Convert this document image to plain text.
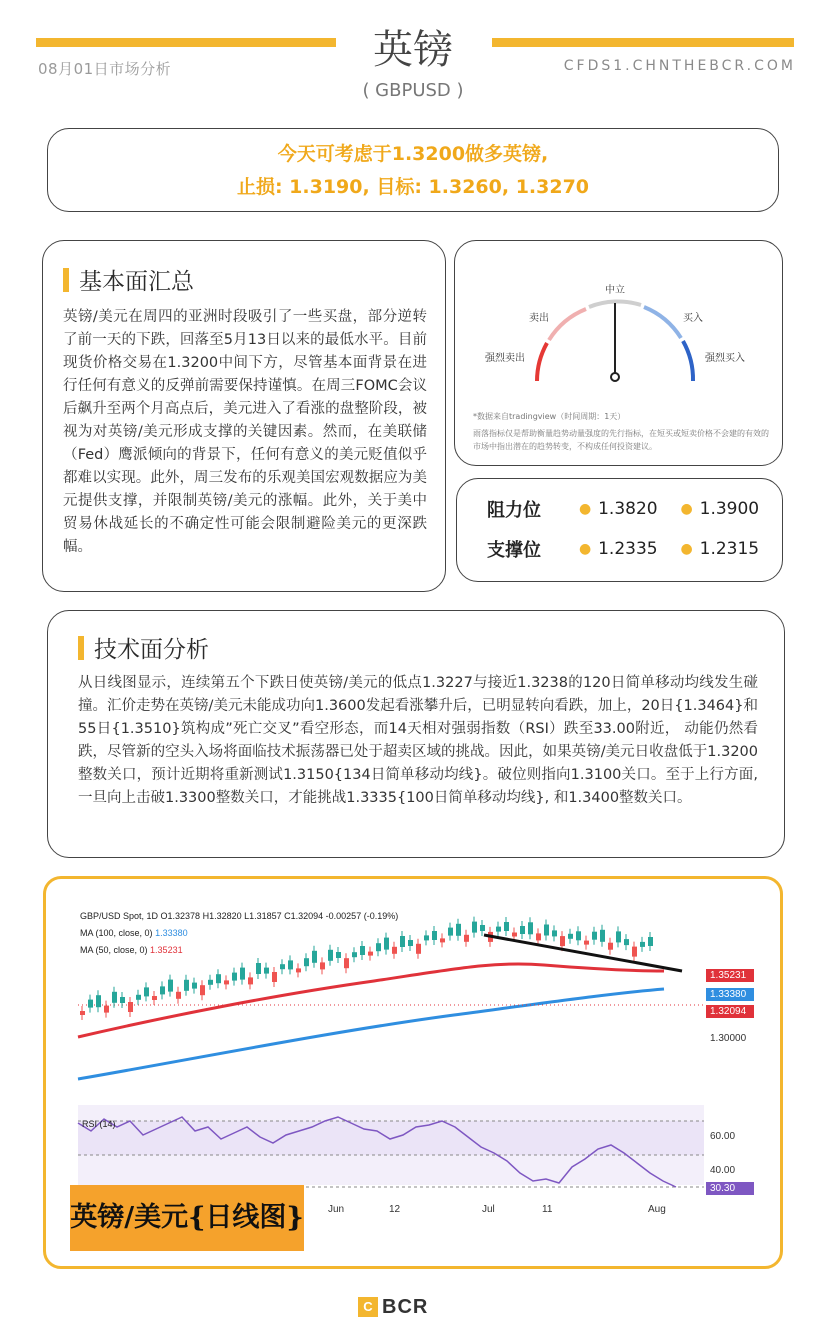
08月01日市场分析	CFDS1.CHNTHEBCR.COM
英镑
( GBPUSD )
今天可考虑于1.3200做多英镑,
止损: 1.3190, 目标: 1.3260, 1.3270
基本面汇总
英镑/美元在周四的亚洲时段吸引了一些买盘，部分逆转了前一天的下跌，回落至5月13日以来的最低水平。目前现货价格交易在1.3200中间下方，尽管基本面背景在进行任何有意义的反弹前需要保持谨慎。在周三FOMC会议后飙升至两个月高点后，美元进入了看涨的盘整阶段，被视为对英镑/美元形成支撑的关键因素。然而，在美联储（Fed）鹰派倾向的背景下，任何有意义的美元贬值似乎都难以实现。此外，周三发布的乐观美国宏观数据应为美元提供支撑，并限制英镑/美元的涨幅。此外，关于美中贸易休战延长的不确定性可能会限制避险美元的更深跌幅。
中立
卖出	买入
强烈卖出	强烈买入
*数据来自tradingview（时间周期：1天）
雨落指标仅是帮助衡量趋势动量强度的先行指标，在短买或短卖价格不会建的有效的 市场中指出潜在的趋势转变，不构成任何投资建议。
阻力位	● 1.3820	● 1.3900
支撑位	● 1.2335	● 1.2315
技术面分析
从日线图显示，连续第五个下跌日使英镑/美元的低点1.3227与接近1.3238的120日简单移动均线发生碰撞。汇价走势在英镑/美元未能成功向1.3600发起看涨攀升后，已明显转向看跌，加上，20日{1.3464}和55日{1.3510}筑构成”死亡交叉”看空形态，而14天相对强弱指数（RSI）跌至33.00附近， 动能仍然看跌，尽管新的空头入场将面临技术振荡器已处于超卖区域的挑战。因此，如果英镑/美元日收盘低于1.3200整数关口，预计近期将重新测试1.3150{134日简单移动均线}。破位则指向1.3100关口。至于上行方面,一旦向上击破1.3300整数关口，才能挑战1.3335{100日简单移动均线}, 和1.3400整数关口。
GBP/USD Spot, 1D O1.32378 H1.32820 L1.31857 C1.32094 -0.00257 (-0.19%)
MA (100, close, 0) 1.33380
MA (50, close, 0) 1.35231
1.35231
1.33380
1.32094
1.30000
RSI (14)
60.00
40.00
30.30
Jun	12	Jul	11	Aug
英镑/美元{日线图}
C BCR
